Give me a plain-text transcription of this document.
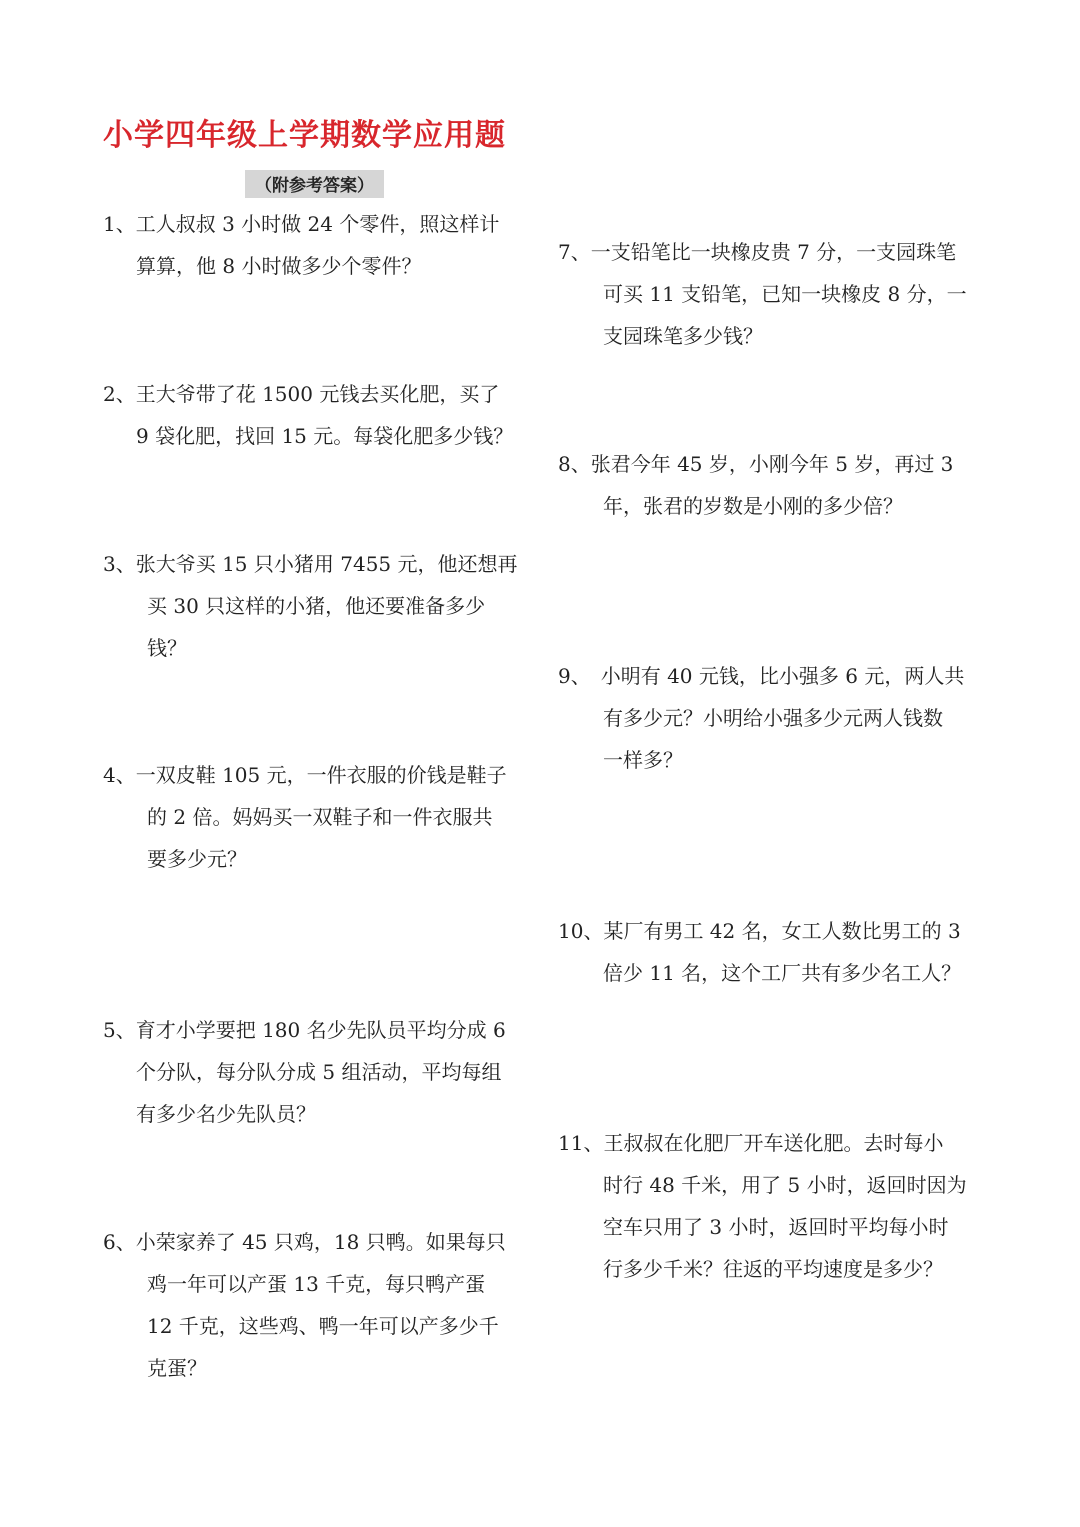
小学四年级上学期数学应用题
（附参考答案）
1、工人叔叔 3 小时做 24 个零件，照这样计
算算，他 8 小时做多少个零件？
2、王大爷带了花 1500 元钱去买化肥，买了
9 袋化肥，找回 15 元。每袋化肥多少钱？
3、张大爷买 15 只小猪用 7455 元，他还想再
买 30 只这样的小猪，他还要准备多少
钱？
4、一双皮鞋 105 元，一件衣服的价钱是鞋子
的 2 倍。妈妈买一双鞋子和一件衣服共
要多少元？
5、育才小学要把 180 名少先队员平均分成 6
个分队，每分队分成 5 组活动，平均每组
有多少名少先队员？
6、小荣家养了 45 只鸡，18 只鸭。如果每只
鸡一年可以产蛋 13 千克，每只鸭产蛋
12 千克，这些鸡、鸭一年可以产多少千
克蛋？
7、一支铅笔比一块橡皮贵 7 分，一支园珠笔
可买 11 支铅笔，已知一块橡皮 8 分，一
支园珠笔多少钱？
8、张君今年 45 岁，小刚今年 5 岁，再过 3
年，张君的岁数是小刚的多少倍？
9、　小明有 40 元钱，比小强多 6 元，两人共
有多少元？小明给小强多少元两人钱数
一样多？
10、某厂有男工 42 名，女工人数比男工的 3
倍少 11 名，这个工厂共有多少名工人？
11、王叔叔在化肥厂开车送化肥。去时每小
时行 48 千米，用了 5 小时，返回时因为
空车只用了 3 小时，返回时平均每小时
行多少千米？往返的平均速度是多少？
